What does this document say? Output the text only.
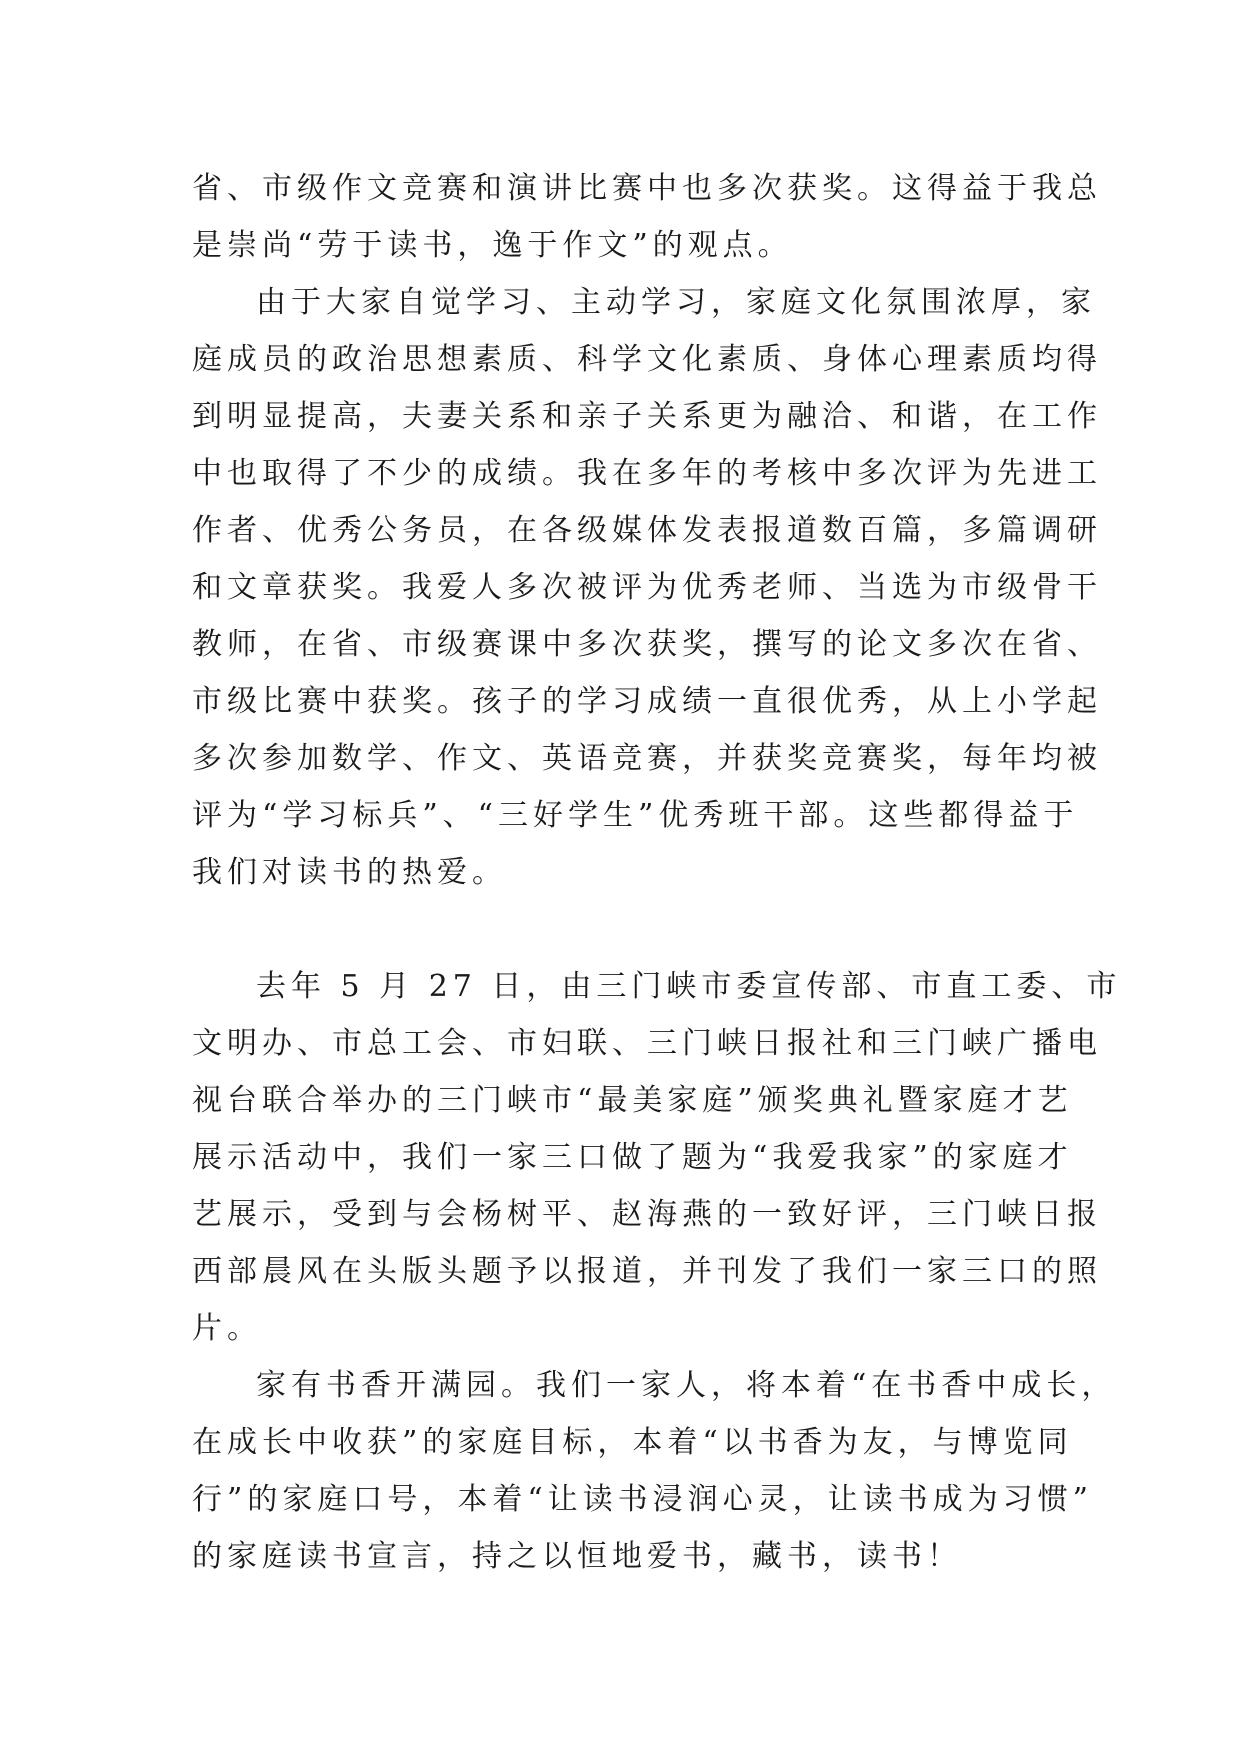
省、市级作文竞赛和演讲比赛中也多次获奖。这得益于我总
是崇尚“劳于读书，逸于作文”的观点。
由于大家自觉学习、主动学习，家庭文化氛围浓厚，家
庭成员的政治思想素质、科学文化素质、身体心理素质均得
到明显提高，夫妻关系和亲子关系更为融洽、和谐，在工作
中也取得了不少的成绩。我在多年的考核中多次评为先进工
作者、优秀公务员，在各级媒体发表报道数百篇，多篇调研
和文章获奖。我爱人多次被评为优秀老师、当选为市级骨干
教师，在省、市级赛课中多次获奖，撰写的论文多次在省、
市级比赛中获奖。孩子的学习成绩一直很优秀，从上小学起
多次参加数学、作文、英语竞赛，并获奖竞赛奖，每年均被
评为“学习标兵”、“三好学生”优秀班干部。这些都得益于
我们对读书的热爱。
去年 5 月 27 日，由三门峡市委宣传部、市直工委、市
文明办、市总工会、市妇联、三门峡日报社和三门峡广播电
视台联合举办的三门峡市“最美家庭”颁奖典礼暨家庭才艺
展示活动中，我们一家三口做了题为“我爱我家”的家庭才
艺展示，受到与会杨树平、赵海燕的一致好评，三门峡日报
西部晨风在头版头题予以报道，并刊发了我们一家三口的照
片。
家有书香开满园。我们一家人，将本着“在书香中成长，
在成长中收获”的家庭目标，本着“以书香为友，与博览同
行”的家庭口号，本着“让读书浸润心灵，让读书成为习惯”
的家庭读书宣言，持之以恒地爱书，藏书，读书！
